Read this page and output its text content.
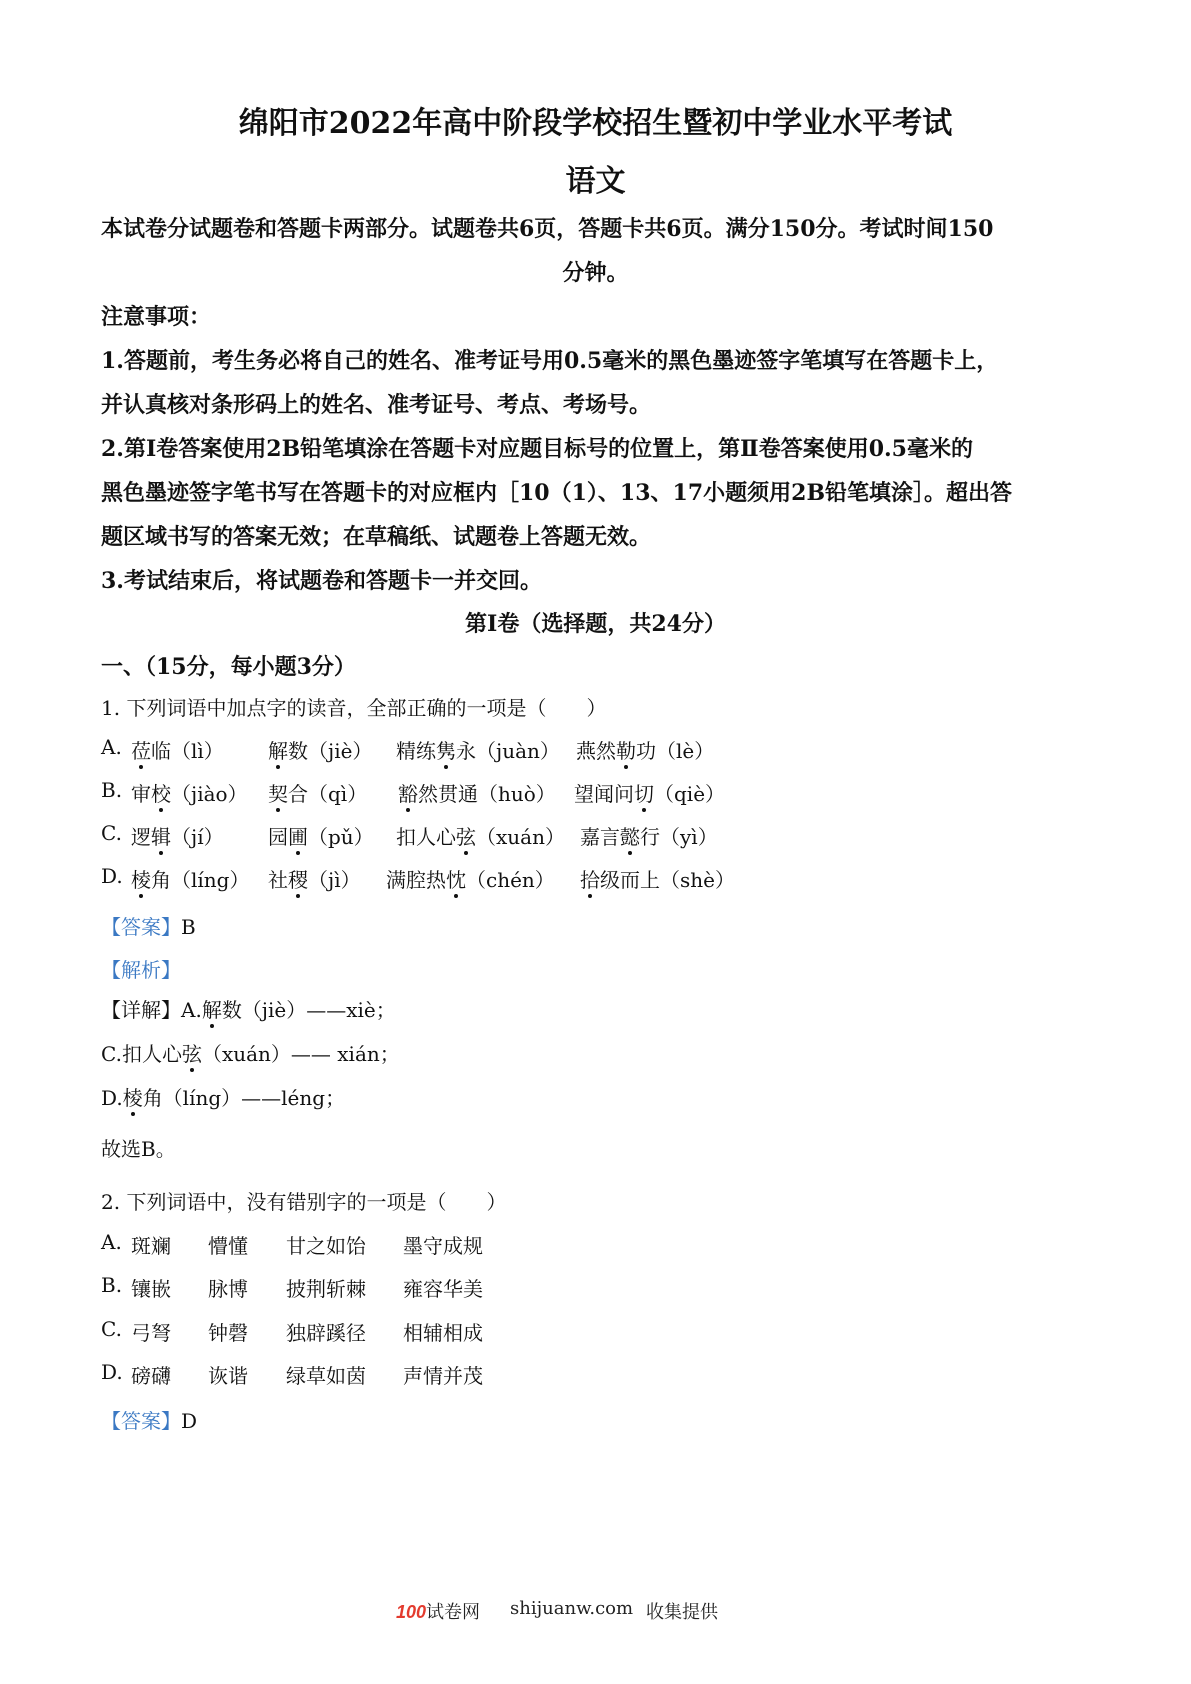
绵阳市2022年高中阶段学校招生暨初中学业水平考试
语文
本试卷分试题卷和答题卡两部分。试题卷共6页，答题卡共6页。满分150分。考试时间150
分钟。
注意事项：
1.答题前，考生务必将自己的姓名、准考证号用0.5毫米的黑色墨迹签字笔填写在答题卡上，
并认真核对条形码上的姓名、准考证号、考点、考场号。
2.第Ⅰ卷答案使用2B铅笔填涂在答题卡对应题目标号的位置上，第Ⅱ卷答案使用0.5毫米的
黑色墨迹签字笔书写在答题卡的对应框内［10（1）、13、17小题须用2B铅笔填涂］。超出答
题区域书写的答案无效；在草稿纸、试题卷上答题无效。
3.考试结束后，将试题卷和答题卡一并交回。
第Ⅰ卷（选择题，共24分）
一、（15分，每小题3分）
1. 下列词语中加点字的读音，全部正确的一项是（　　）
A. 莅临（lì） 解数（jiè） 精练隽永（juàn） 燕然勒功（lè）
B. 审校（jiào） 契合（qì） 豁然贯通（huò） 望闻问切（qiè）
C. 逻辑（jí） 园圃（pǔ） 扣人心弦（xuán） 嘉言懿行（yì）
D. 棱角（líng） 社稷（jì） 满腔热忱（chén） 拾级而上（shè）
【答案】B
【解析】
【详解】A.解数（jiè）——xiè；
C.扣人心弦（xuán）—— xián；
D.棱角（líng）——léng；
故选B。
2. 下列词语中，没有错别字的一项是（　　）
A. 斑斓 懵懂 甘之如饴 墨守成规
B. 镶嵌 脉博 披荆斩棘 雍容华美
C. 弓弩 钟磬 独辟蹊径 相辅相成
D. 磅礴 诙谐 绿草如茵 声情并茂
【答案】D
100试卷网 shijuanw.com 收集提供
